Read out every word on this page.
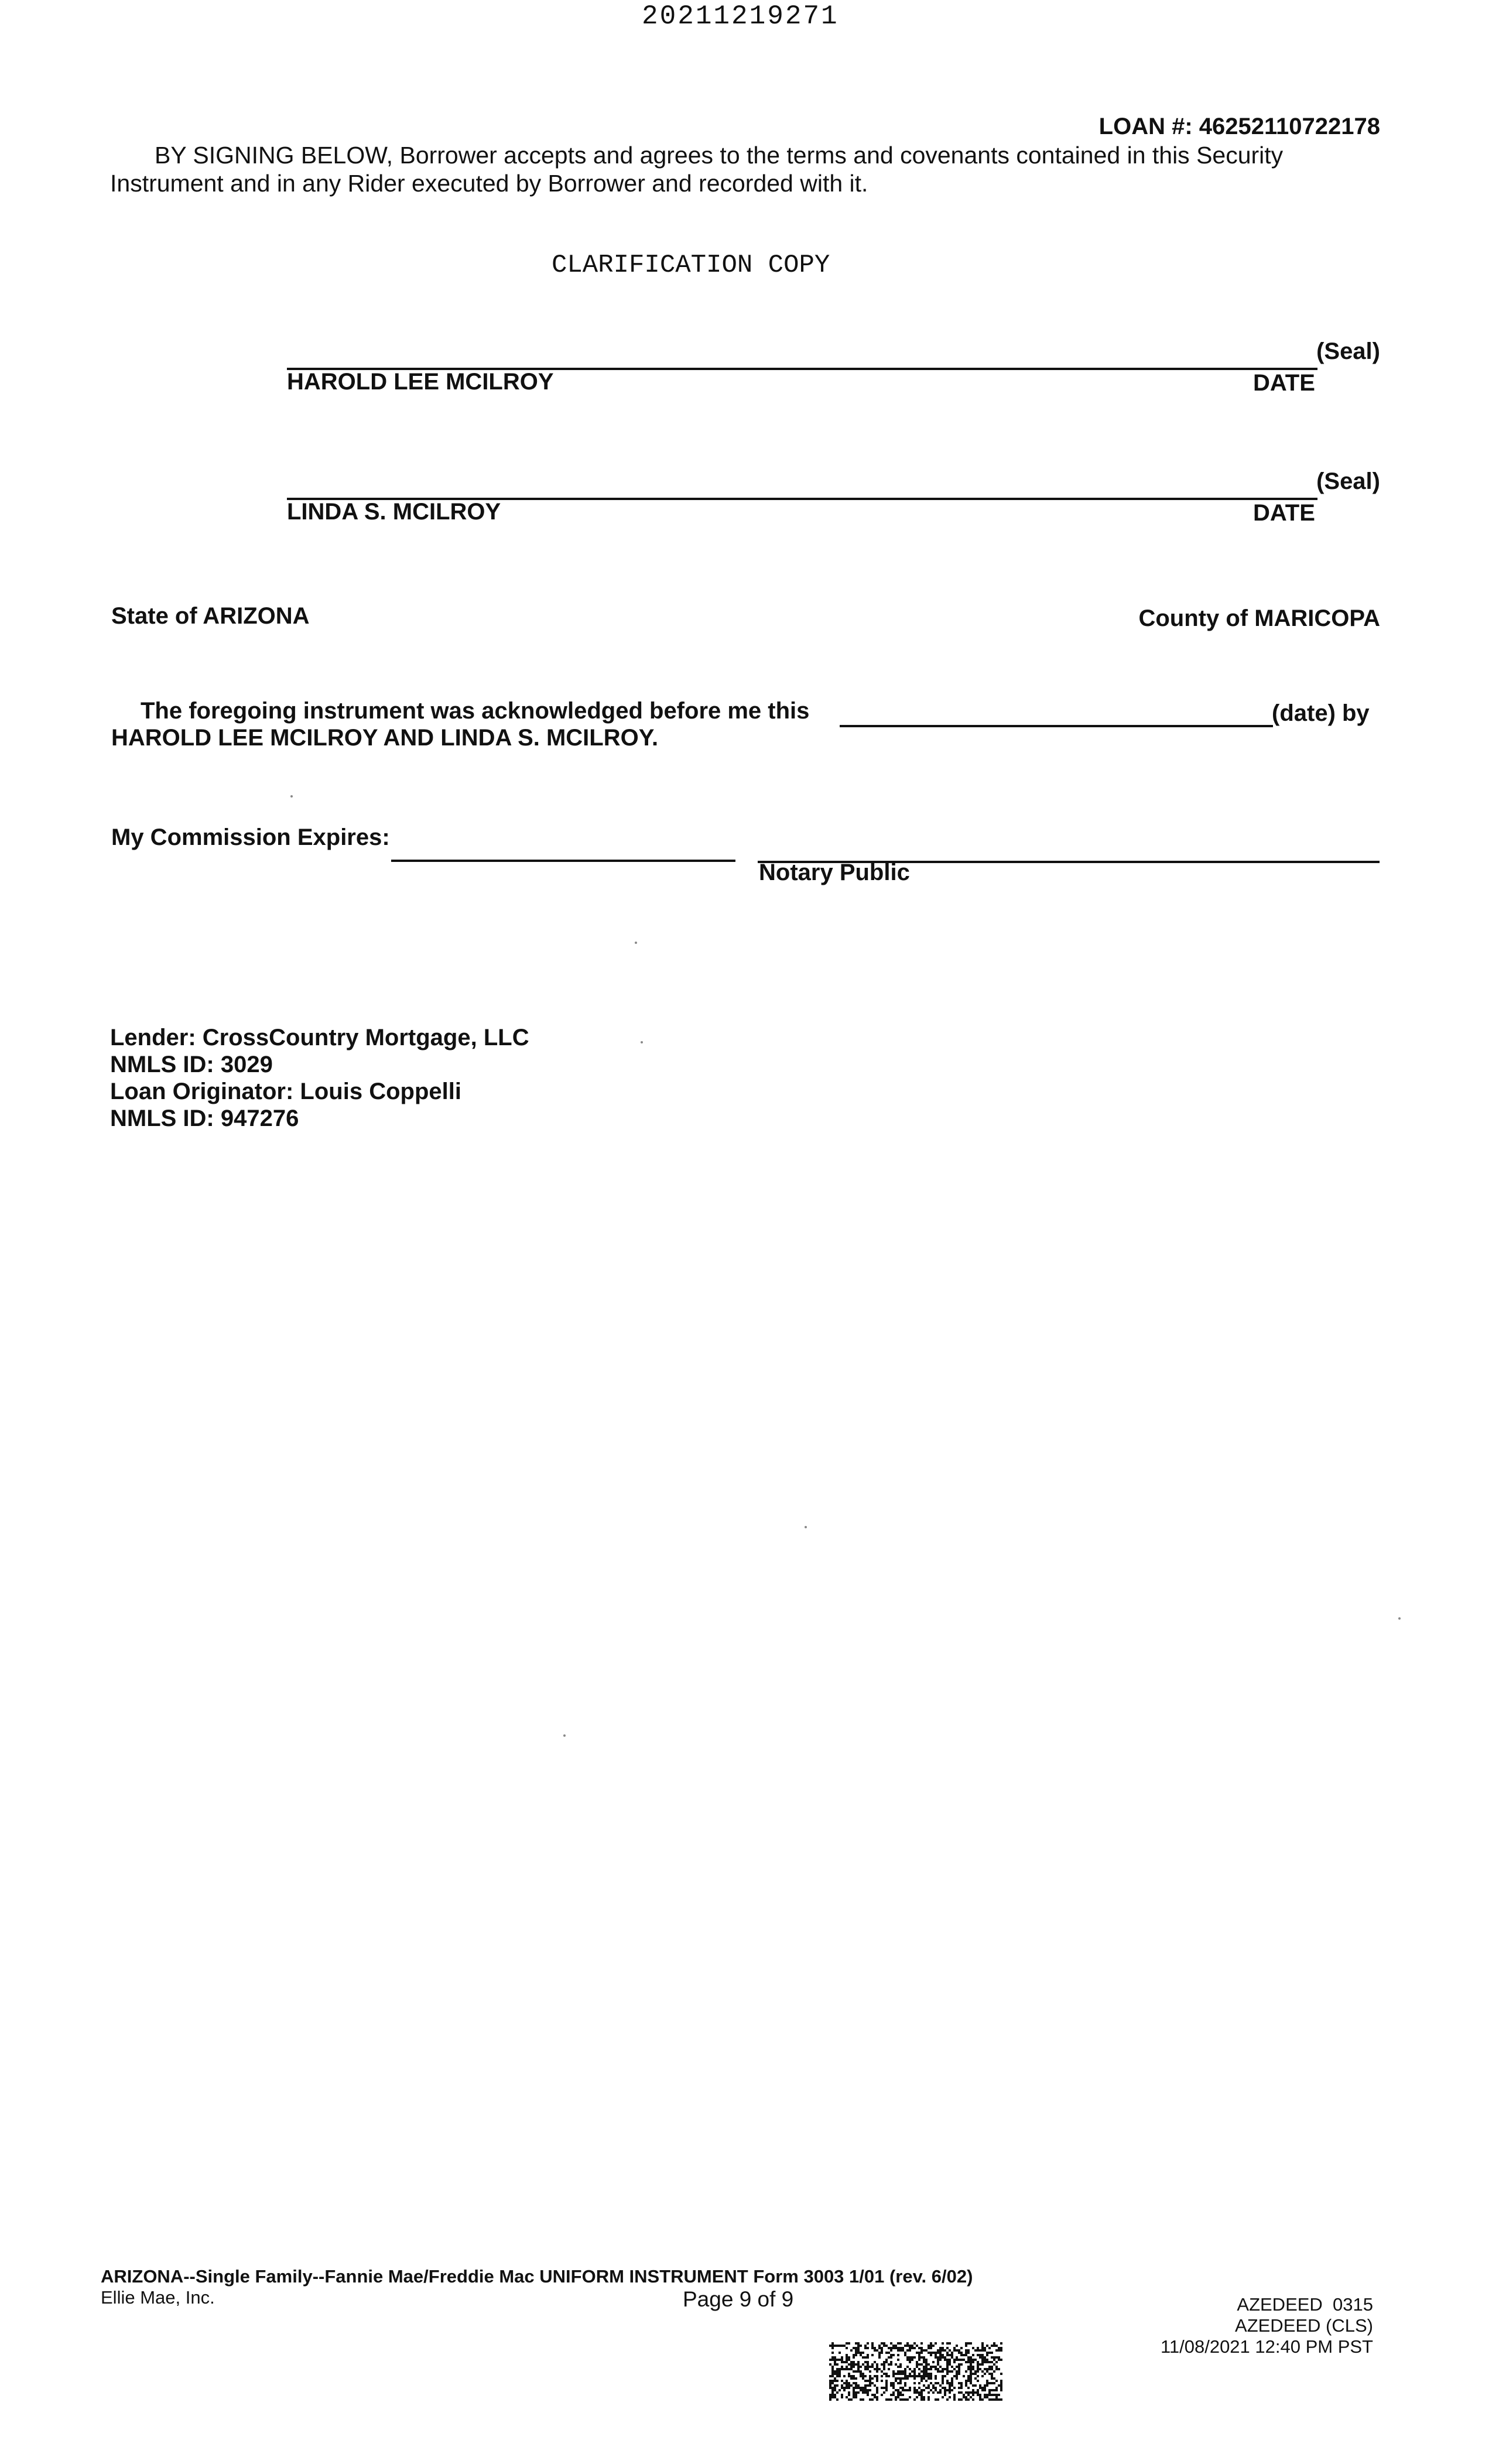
20211219271
LOAN #: 46252110722178
BY SIGNING BELOW, Borrower accepts and agrees to the terms and covenants contained in this Security
Instrument and in any Rider executed by Borrower and recorded with it.
CLARIFICATION COPY
(Seal)
HAROLD LEE MCILROY	DATE
(Seal)
LINDA S. MCILROY	DATE
State of ARIZONA	County of MARICOPA
The foregoing instrument was acknowledged before me this	(date) by
HAROLD LEE MCILROY AND LINDA S. MCILROY.
My Commission Expires:
Notary Public
Lender: CrossCountry Mortgage, LLC
NMLS ID: 3029
Loan Originator: Louis Coppelli
NMLS ID: 947276
ARIZONA--Single Family--Fannie Mae/Freddie Mac UNIFORM INSTRUMENT Form 3003 1/01 (rev. 6/02)
Ellie Mae, Inc.	Page 9 of 9	AZEDEED  0315
AZEDEED (CLS)
11/08/2021 12:40 PM PST
